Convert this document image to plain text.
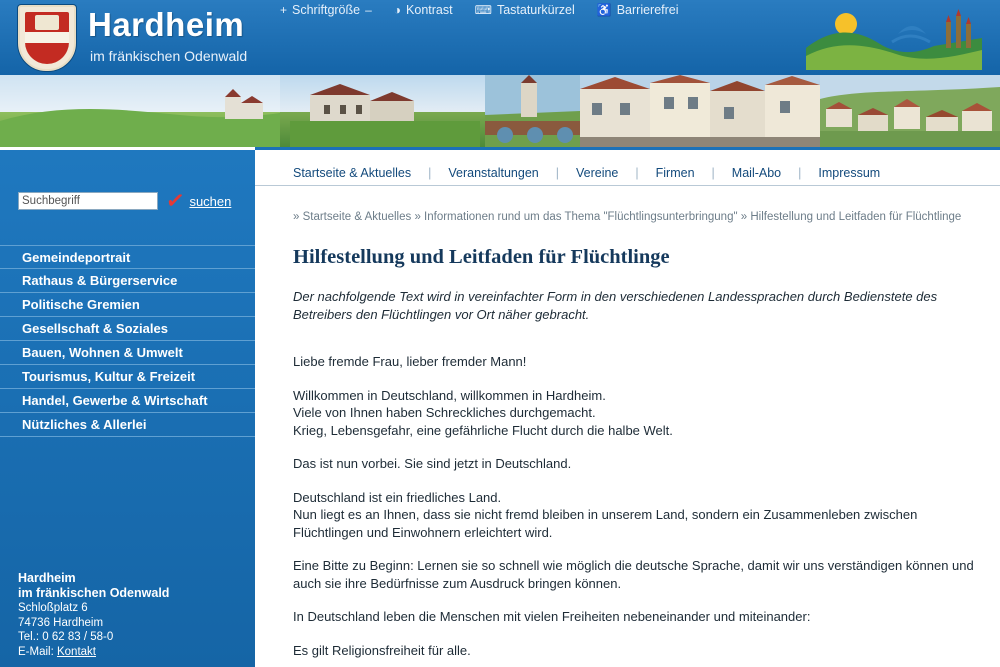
Hardheim
im fränkischen Odenwald
+ Schriftgröße – ◑ Kontrast ⌨ Tastaturkürzel ♿ Barrierefrei
Suchbegriff
✓ suchen
Gemeindeportrait
Rathaus & Bürgerservice
Politische Gremien
Gesellschaft & Soziales
Bauen, Wohnen & Umwelt
Tourismus, Kultur & Freizeit
Handel, Gewerbe & Wirtschaft
Nützliches & Allerlei
Hardheim
im fränkischen Odenwald
Schloßplatz 6
74736 Hardheim
Tel.: 0 62 83 / 58-0
E-Mail: Kontakt
Startseite & Aktuelles | Veranstaltungen | Vereine | Firmen | Mail-Abo | Impressum
» Startseite & Aktuelles » Informationen rund um das Thema "Flüchtlingsunterbringung" » Hilfestellung und Leitfaden für Flüchtlinge
Hilfestellung und Leitfaden für Flüchtlinge

Der nachfolgende Text wird in vereinfachter Form in den verschiedenen Landessprachen durch Bedienstete des Betreibers den Flüchtlingen vor Ort näher gebracht.

Liebe fremde Frau, lieber fremder Mann!

Willkommen in Deutschland, willkommen in Hardheim.
Viele von Ihnen haben Schreckliches durchgemacht.
Krieg, Lebensgefahr, eine gefährliche Flucht durch die halbe Welt.

Das ist nun vorbei. Sie sind jetzt in Deutschland.

Deutschland ist ein friedliches Land.
Nun liegt es an Ihnen, dass sie nicht fremd bleiben in unserem Land, sondern ein Zusammenleben zwischen Flüchtlingen und Einwohnern erleichtert wird.

Eine Bitte zu Beginn: Lernen sie so schnell wie möglich die deutsche Sprache, damit wir uns verständigen können und auch sie ihre Bedürfnisse zum Ausdruck bringen können.

In Deutschland leben die Menschen mit vielen Freiheiten nebeneinander und miteinander:

Es gilt Religionsfreiheit für alle.
